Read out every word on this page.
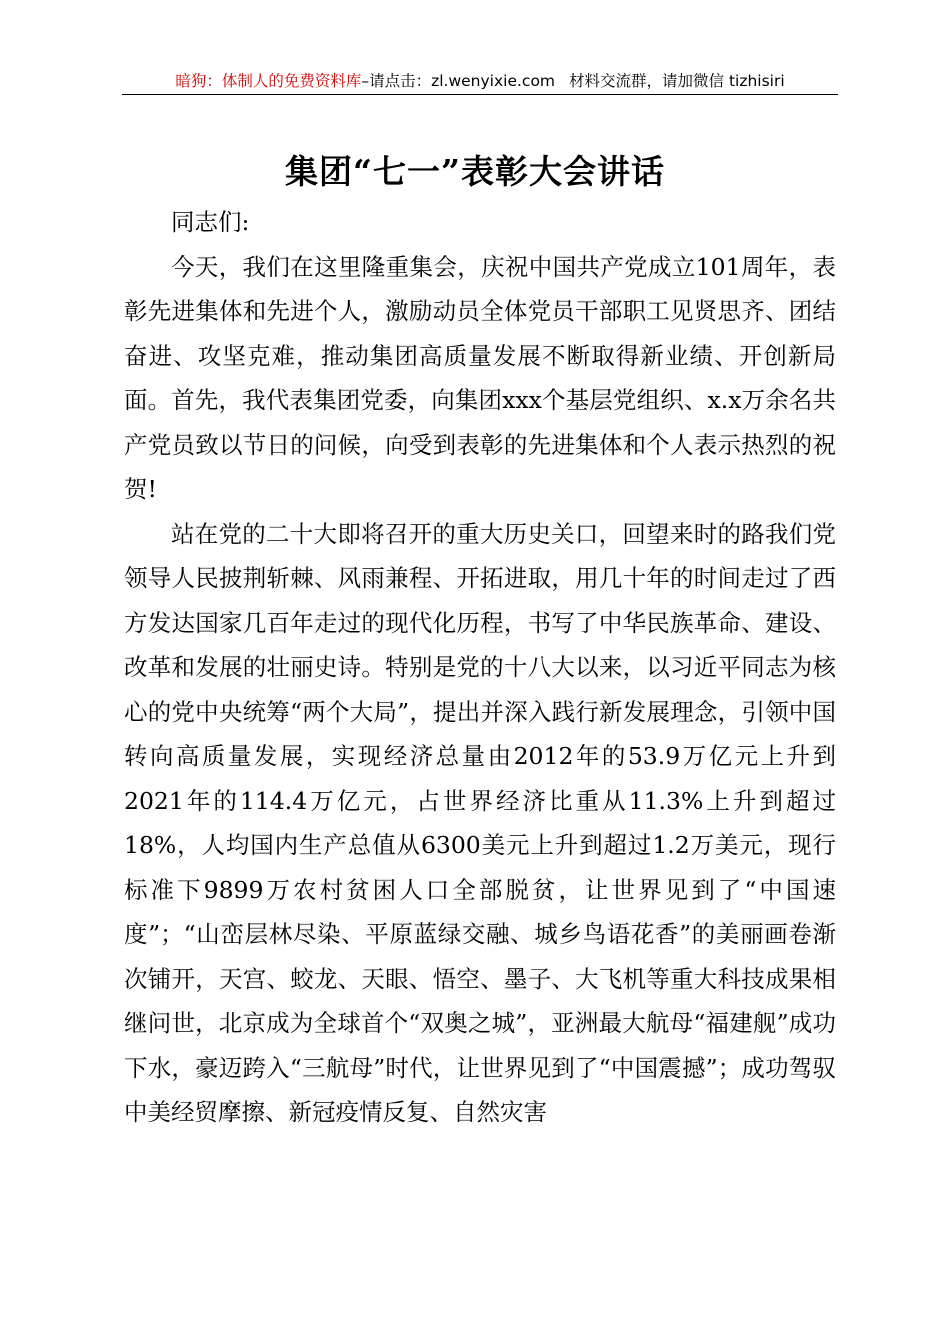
暗狗：体制人的免费资料库–请点击：zl.wenyixie.com 材料交流群，请加微信 tizhisiri
集团“七一”表彰大会讲话

同志们:

今天，我们在这里隆重集会，庆祝中国共产党成立101周年，表彰先进集体和先进个人，激励动员全体党员干部职工见贤思齐、团结奋进、攻坚克难，推动集团高质量发展不断取得新业绩、开创新局面。首先，我代表集团党委，向集团xxx个基层党组织、x.x万余名共产党员致以节日的问候，向受到表彰的先进集体和个人表示热烈的祝贺!

站在党的二十大即将召开的重大历史关口，回望来时的路我们党领导人民披荆斩棘、风雨兼程、开拓进取，用几十年的时间走过了西方发达国家几百年走过的现代化历程，书写了中华民族革命、建设、改革和发展的壮丽史诗。特别是党的十八大以来，以习近平同志为核心的党中央统筹“两个大局”，提出并深入践行新发展理念，引领中国转向高质量发展，实现经济总量由2012年的53.9万亿元上升到2021年的114.4万亿元，占世界经济比重从11.3%上升到超过18%，人均国内生产总值从6300美元上升到超过1.2万美元，现行标准下9899万农村贫困人口全部脱贫，让世界见到了“中国速度”；“山峦层林尽染、平原蓝绿交融、城乡鸟语花香”的美丽画卷渐次铺开，天宫、蛟龙、天眼、悟空、墨子、大飞机等重大科技成果相继问世，北京成为全球首个“双奥之城”，亚洲最大航母“福建舰”成功下水，豪迈跨入“三航母”时代，让世界见到了“中国震撼”；成功驾驭中美经贸摩擦、新冠疫情反复、自然灾害
